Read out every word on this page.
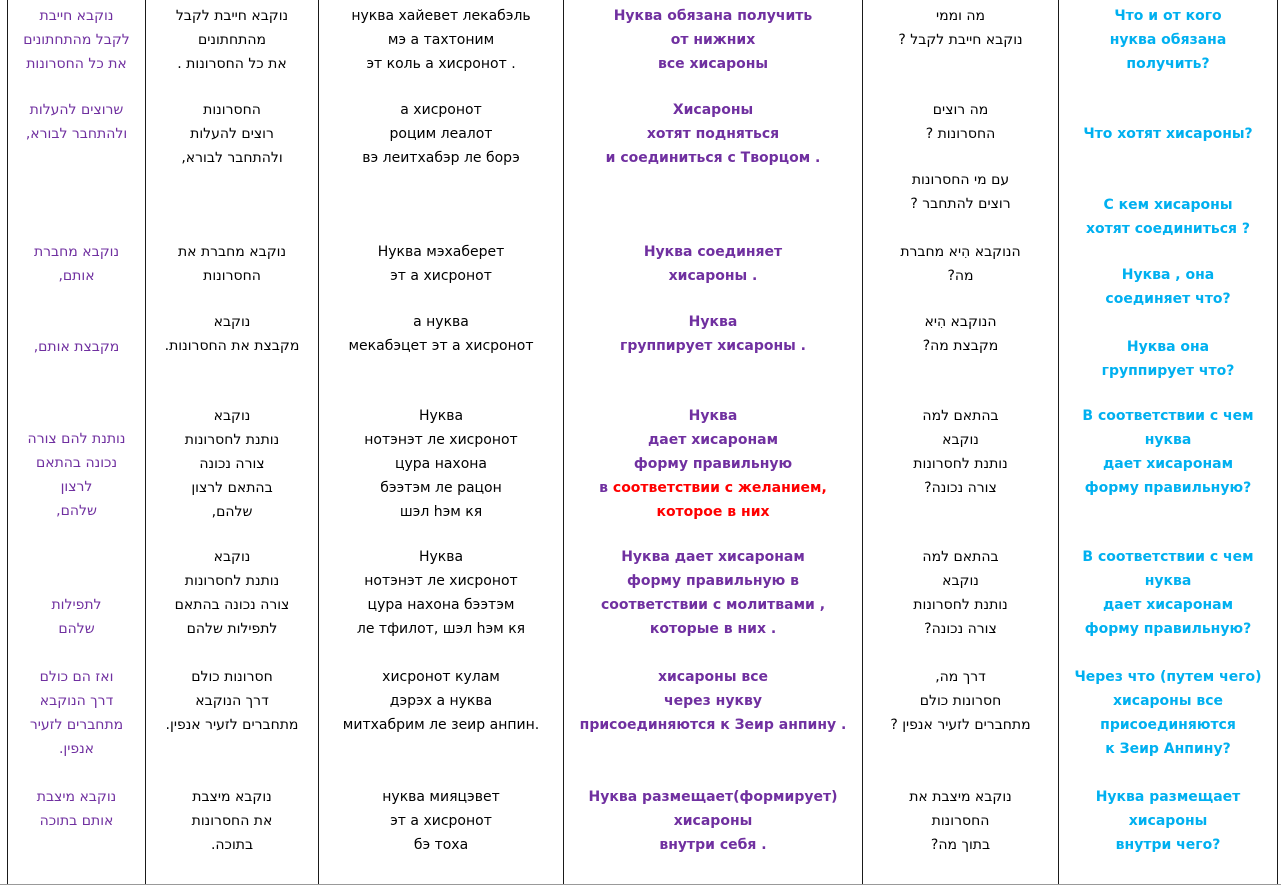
נוקבא חייבת
לקבל מהתחתונים
את כל החסרונות
שרוצים להעלות
,ולהתחבר לבורא
נוקבא מחברת
,אותם
,מקבצת אותם
נותנת להם צורה
נכונה בהתאם
לרצון
,שלהם
לתפילות
שלהם
ואז הם כולם
דרך הנוקבא
מתחברים לזעיר
.אנפין
נוקבא מיצבת
אותם בתוכה
נוקבא חייבת לקבל
מהתחתונים
. את כל החסרונות
החסרונות
רוצים להעלות
,ולהתחבר לבורא
נוקבא מחברת את
החסרונות
נוקבא
.מקבצת את החסרונות
נוקבא
נותנת לחסרונות
צורה נכונה
בהתאם לרצון
,שלהם
נוקבא
נותנת לחסרונות
צורה נכונה בהתאם
לתפילות שלהם
חסרונות כולם
דרך הנוקבא
.מתחברים לזעיר אנפין
נוקבא מיצבת
את החסרונות
.בתוכה
нуква хайевет лекабэль
мэ а тахтоним
эт коль а хисронот .
а хисронот
роцим леалот
вэ леитхабэр ле борэ
Нуква мэхаберет
эт а хисронот
а нуква
мекабэцет эт а хисронот
Нуква
нотэнэт ле хисронот
цура нахона
бээтэм ле рацон
шэл hэм кя
Нуква
нотэнэт ле хисронот
цура нахона бээтэм
ле тфилот, шэл hэм кя
хисронот кулам
дэрэх а нуква
митхабрим ле зеир анпин.
нуква мияцэвет
эт а хисронот
бэ тоха
Нуква обязана получить
от нижних
все хисароны
Хисароны
хотят подняться
и соединиться с Творцом .
Нуква соединяет
хисароны .
Нуква
группирует хисароны .
Нуква
дает хисаронам
форму правильную
в соответствии с желанием,
которое в них
Нуква дает хисаронам
форму правильную в
соответствии с молитвами ,
которые в них .
хисароны все
через нукву
присоединяются к Зеир анпину .
Нуква размещает(формирует)
хисароны
внутри себя .
מה וממי
? נוקבא חייבת לקבל
מה רוצים
? החסרונות
עם מי החסרונות
? רוצים להתחבר
הנוקבא הִיא מחברת
?מה
הנוקבא הִיא
?מקבצת מה
בהתאם למה
נוקבא
נותנת לחסרונות
?צורה נכונה
בהתאם למה
נוקבא
נותנת לחסרונות
?צורה נכונה
,דרך מה
חסרונות כולם
? מתחברים לזעיר אנפין
נוקבא מיצבת את
החסרונות
?בתוך מה
Что и от кого
нуква обязана
получить?
Что хотят хисароны?
С кем хисароны
хотят соединиться ?
Нуква , она
соединяет что?
Нуква она
группирует что?
В соответствии с чем
нуква
дает хисаронам
форму правильную?
В соответствии с чем
нуква
дает хисаронам
форму правильную?
Через что (путем чего)
хисароны все
присоединяются
к Зеир Анпину?
Нуква размещает
хисароны
внутри чего?
